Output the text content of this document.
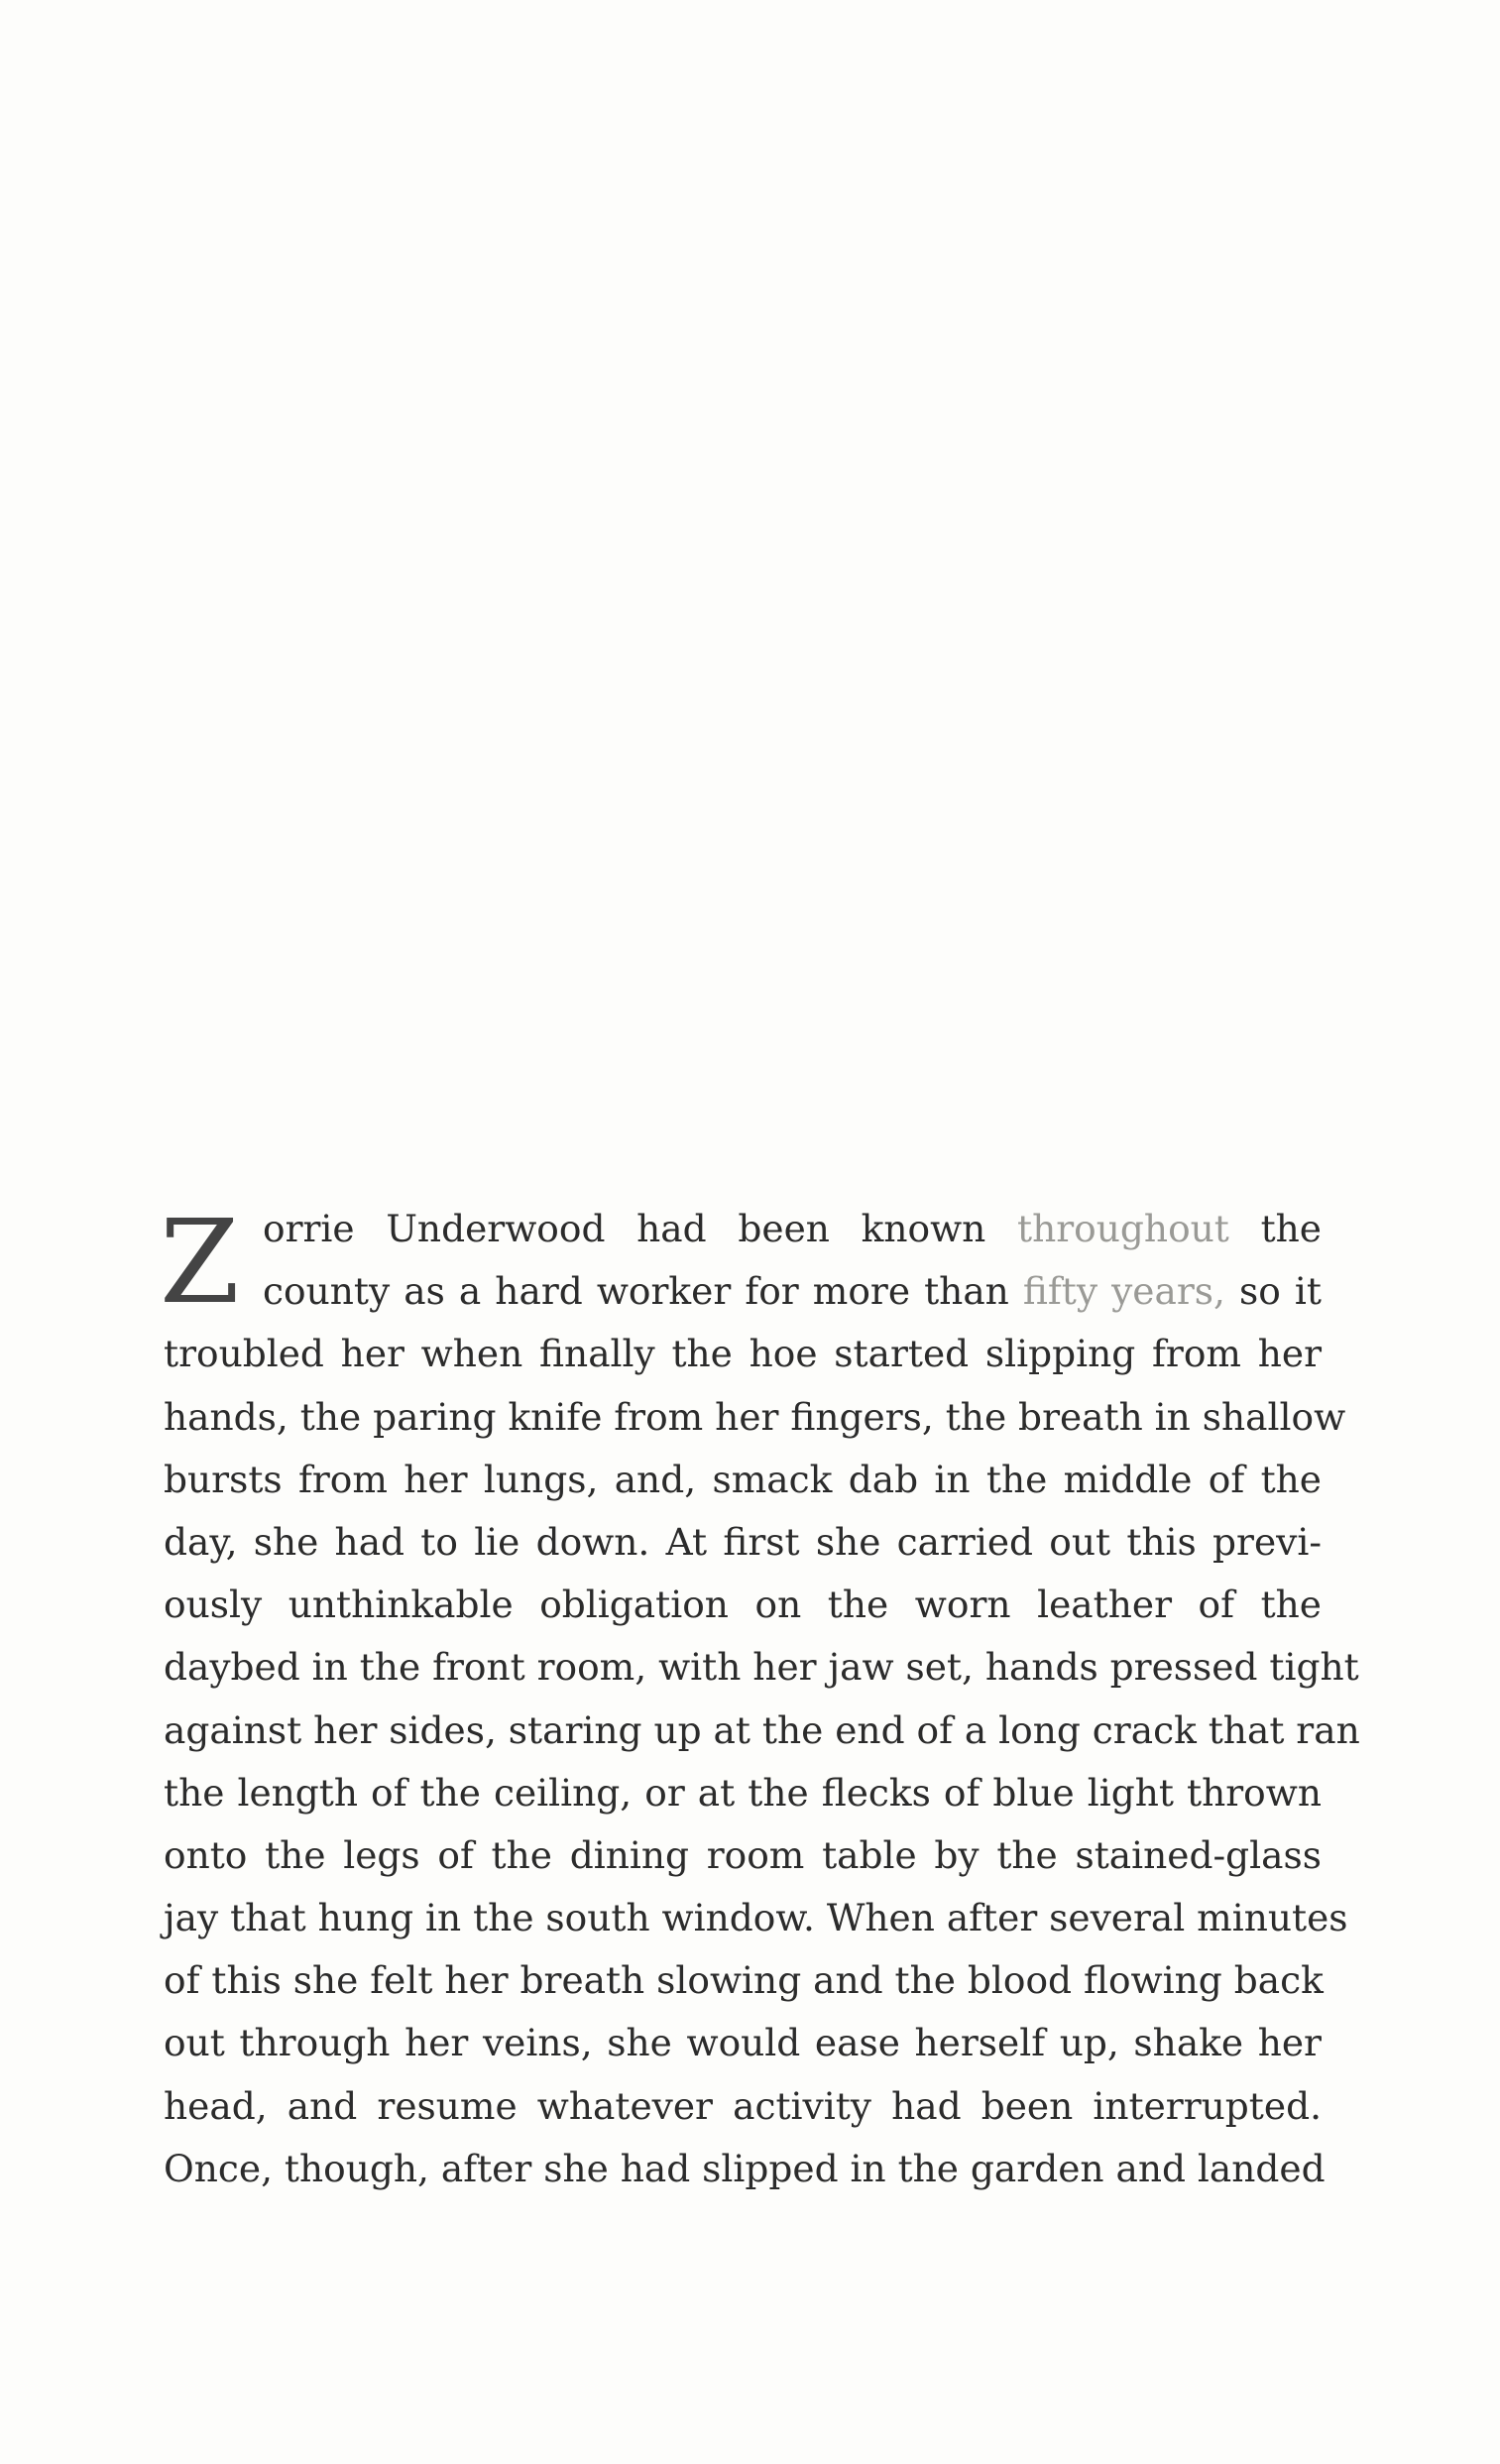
Z orrie Underwood had been known throughout the
county as a hard worker for more than fifty years, so it
troubled her when finally the hoe started slipping from her
hands, the paring knife from her fingers, the breath in shallow
bursts from her lungs, and, smack dab in the middle of the
day, she had to lie down. At first she carried out this previ-
ously unthinkable obligation on the worn leather of the
daybed in the front room, with her jaw set, hands pressed tight
against her sides, staring up at the end of a long crack that ran
the length of the ceiling, or at the flecks of blue light thrown
onto the legs of the dining room table by the stained-glass
jay that hung in the south window. When after several minutes
of this she felt her breath slowing and the blood flowing back
out through her veins, she would ease herself up, shake her
head, and resume whatever activity had been interrupted.
Once, though, after she had slipped in the garden and landed
